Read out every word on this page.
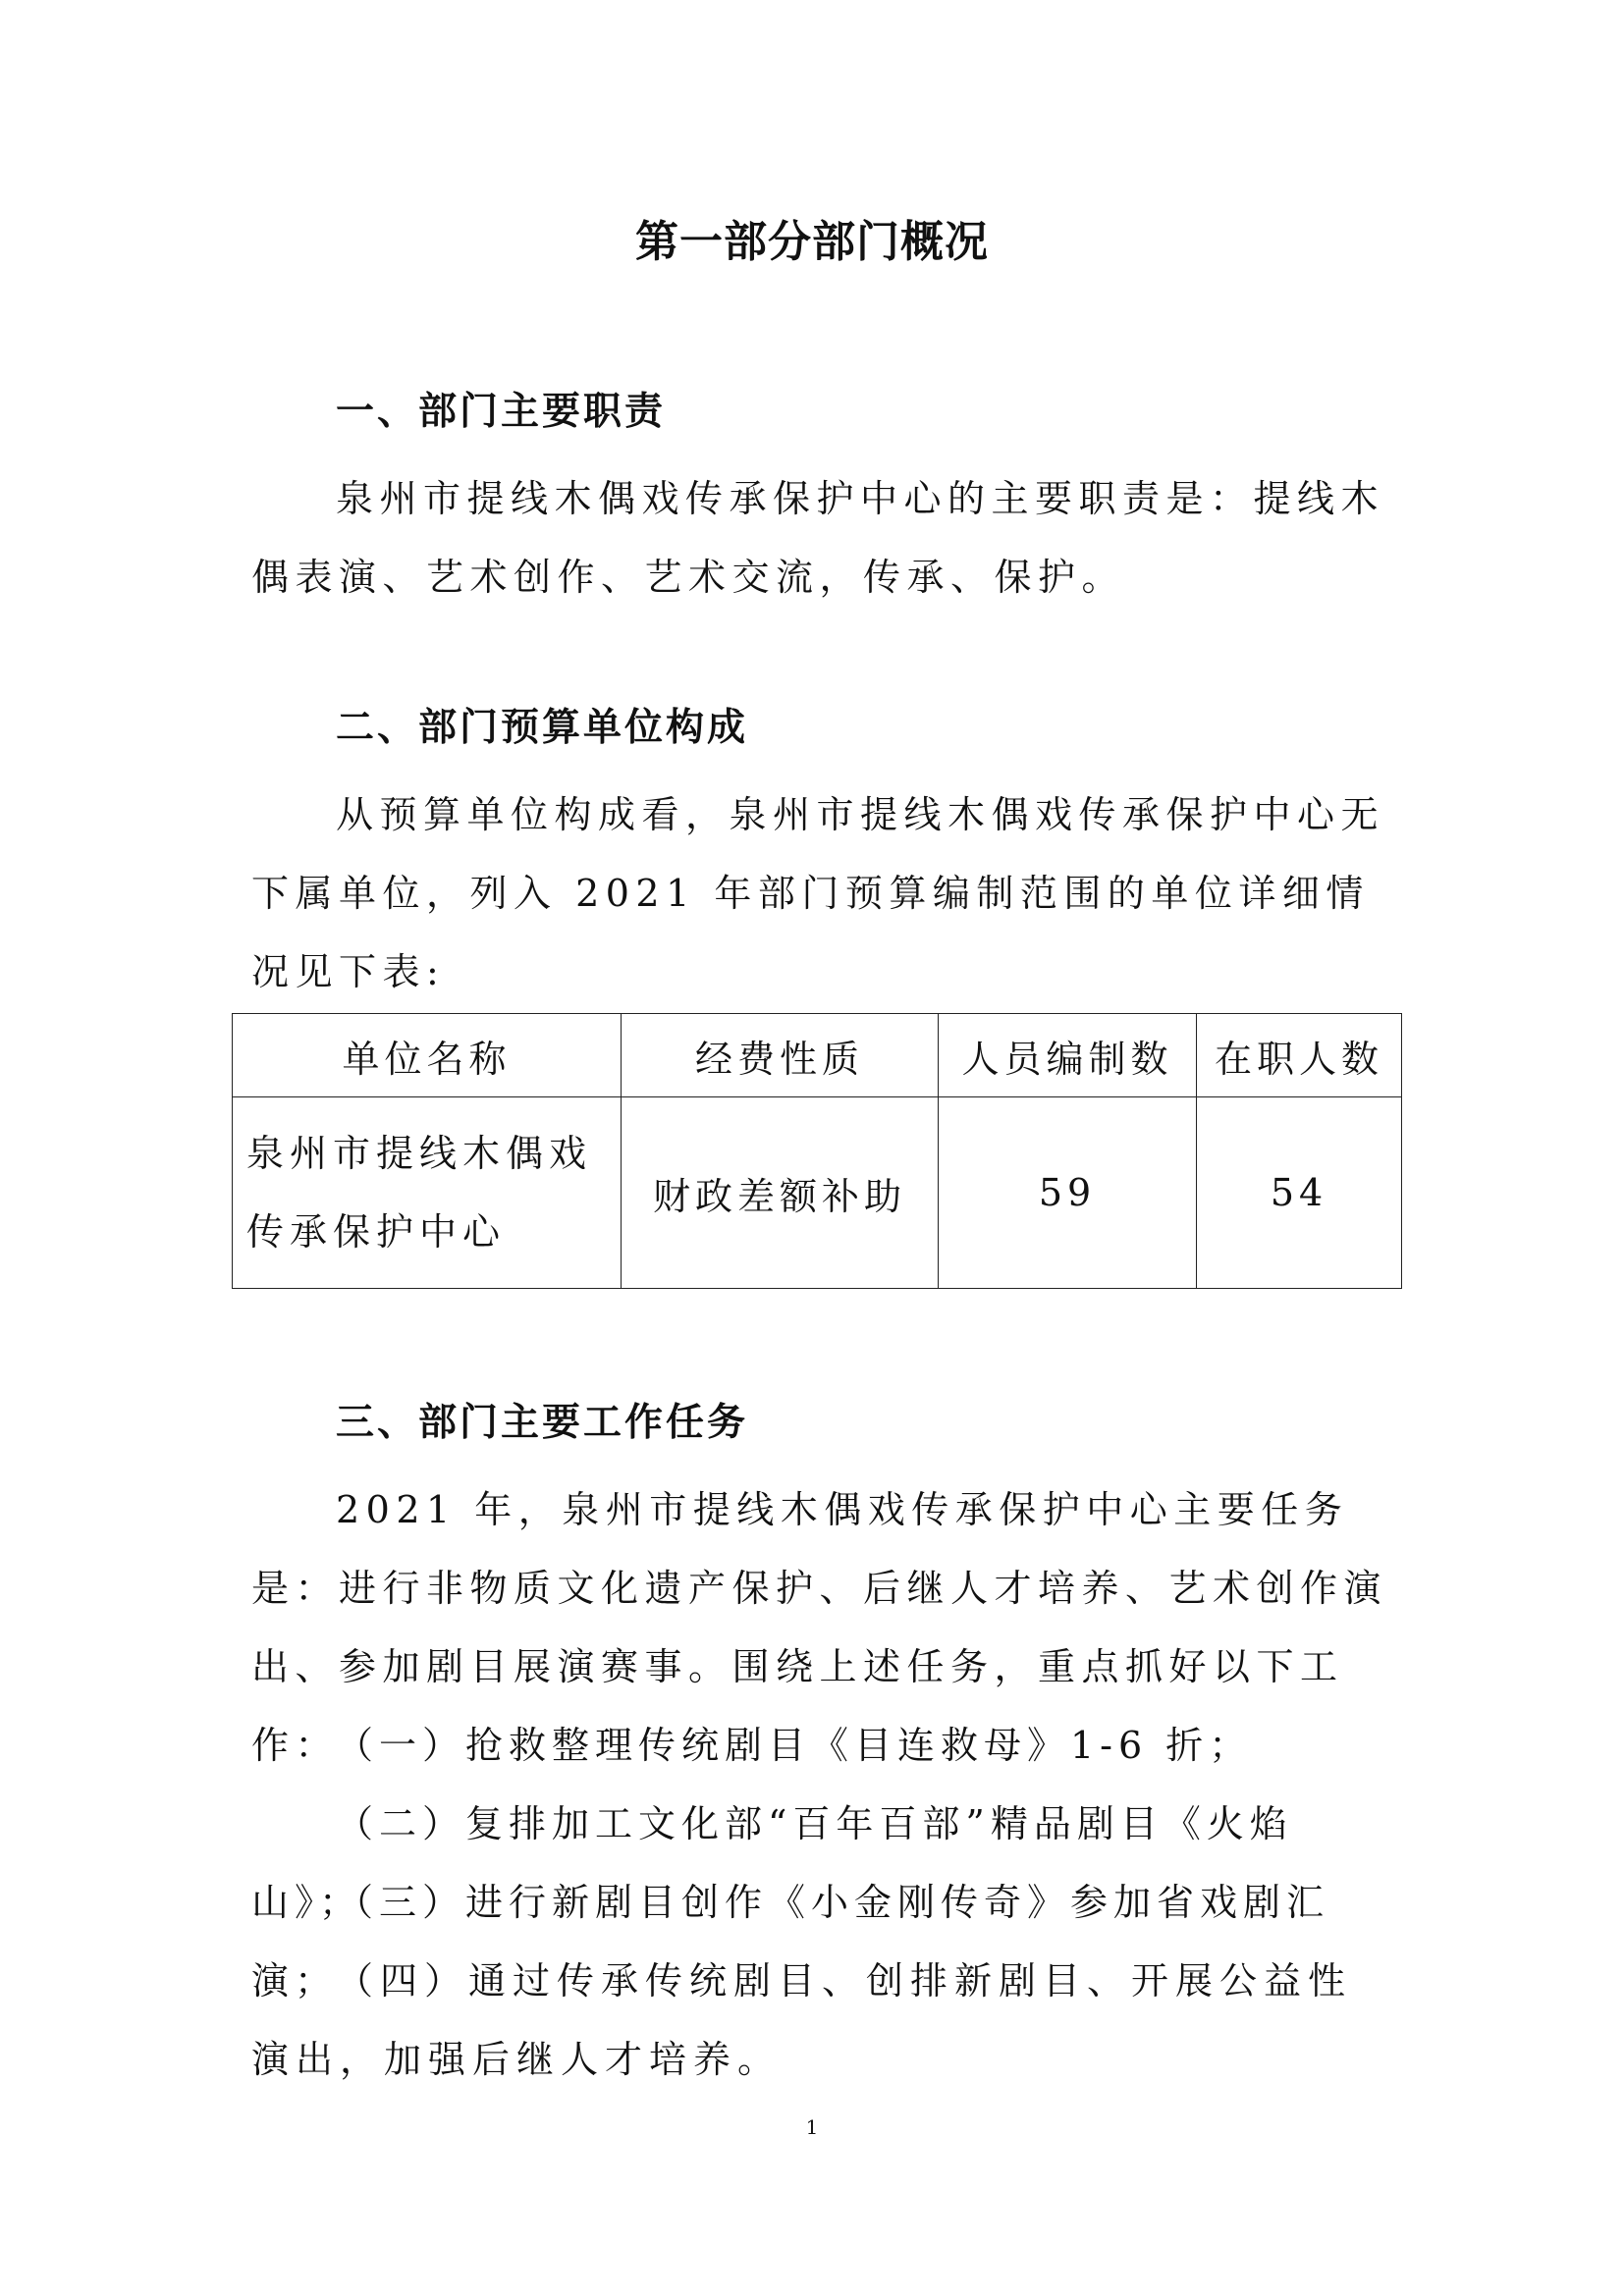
第一部分部门概况
一、部门主要职责

泉州市提线木偶戏传承保护中心的主要职责是：提线木偶表演、艺术创作、艺术交流，传承、保护。

二、部门预算单位构成

从预算单位构成看，泉州市提线木偶戏传承保护中心无下属单位，列入 2021 年部门预算编制范围的单位详细情况见下表:

单位名称	经费性质	人员编制数	在职人数
泉州市提线木偶戏传承保护中心	财政差额补助	59	54
三、部门主要工作任务

2021 年，泉州市提线木偶戏传承保护中心主要任务是：进行非物质文化遗产保护、后继人才培养、艺术创作演出、参加剧目展演赛事。围绕上述任务，重点抓好以下工作：

（一）抢救整理传统剧目《目连救母》1-6 折；

（二）复排加工文化部“百年百部”精品剧目《火焰山》；

（三）进行新剧目创作《小金刚传奇》参加省戏剧汇演；

（四）通过传承传统剧目、创排新剧目、开展公益性演出，加强后继人才培养。

1
